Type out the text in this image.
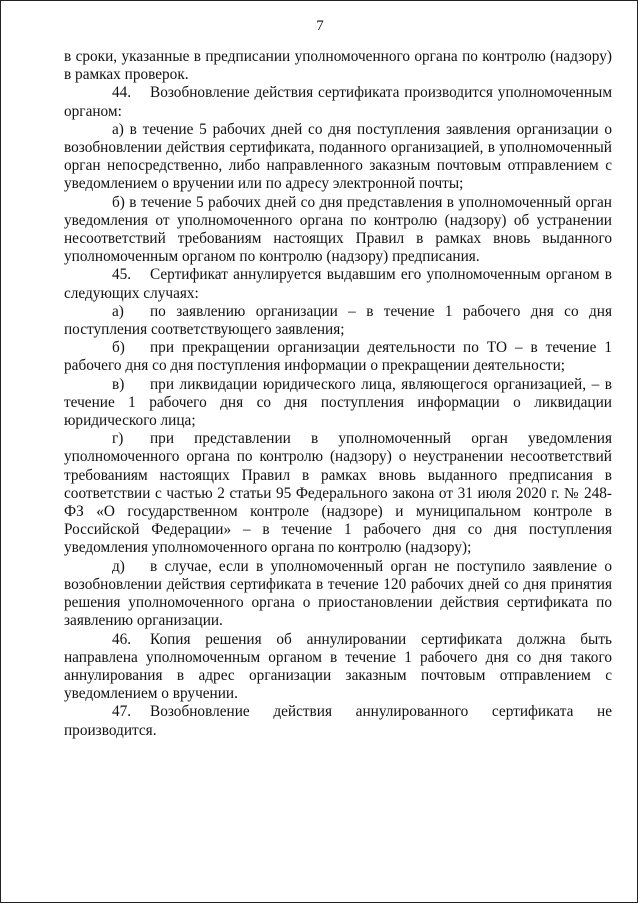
7

в сроки, указанные в предписании уполномоченного органа по контролю (надзору) в рамках проверок.

44. Возобновление действия сертификата производится уполномоченным органом:

а) в течение 5 рабочих дней со дня поступления заявления организации о возобновлении действия сертификата, поданного организацией, в уполномоченный орган непосредственно, либо направленного заказным почтовым отправлением с уведомлением о вручении или по адресу электронной почты;

б) в течение 5 рабочих дней со дня представления в уполномоченный орган уведомления от уполномоченного органа по контролю (надзору) об устранении несоответствий требованиям настоящих Правил в рамках вновь выданного уполномоченным органом по контролю (надзору) предписания.

45. Сертификат аннулируется выдавшим его уполномоченным органом в следующих случаях:

а) по заявлению организации – в течение 1 рабочего дня со дня поступления соответствующего заявления;

б) при прекращении организации деятельности по ТО – в течение 1 рабочего дня со дня поступления информации о прекращении деятельности;

в) при ликвидации юридического лица, являющегося организацией, – в течение 1 рабочего дня со дня поступления информации о ликвидации юридического лица;

г) при представлении в уполномоченный орган уведомления уполномоченного органа по контролю (надзору) о неустранении несоответствий требованиям настоящих Правил в рамках вновь выданного предписания в соответствии с частью 2 статьи 95 Федерального закона от 31 июля 2020 г. № 248-ФЗ «О государственном контроле (надзоре) и муниципальном контроле в Российской Федерации» – в течение 1 рабочего дня со дня поступления уведомления уполномоченного органа по контролю (надзору);

д) в случае, если в уполномоченный орган не поступило заявление о возобновлении действия сертификата в течение 120 рабочих дней со дня принятия решения уполномоченного органа о приостановлении действия сертификата по заявлению организации.

46. Копия решения об аннулировании сертификата должна быть направлена уполномоченным органом в течение 1 рабочего дня со дня такого аннулирования в адрес организации заказным почтовым отправлением с уведомлением о вручении.

47. Возобновление действия аннулированного сертификата не производится.
